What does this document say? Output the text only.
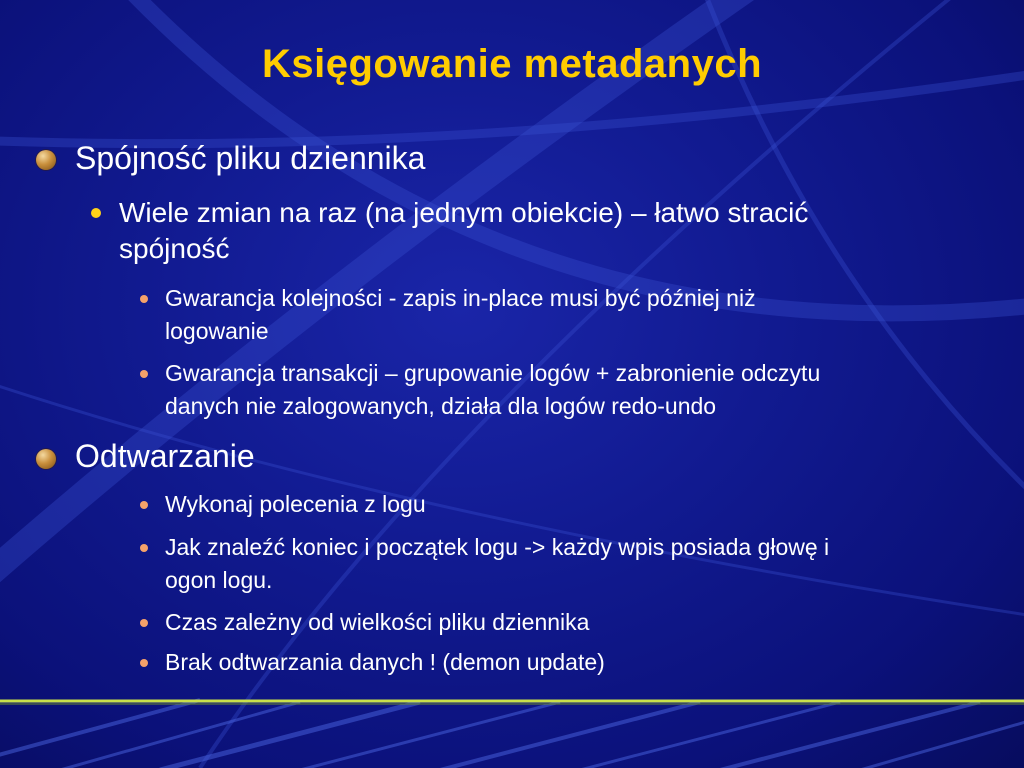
Księgowanie metadanych
Spójność pliku dziennika
Wiele zmian na raz (na jednym obiekcie) – łatwo stracić
spójność
Gwarancja kolejności - zapis in-place musi być później niż
logowanie
Gwarancja transakcji – grupowanie logów + zabronienie odczytu
danych nie zalogowanych, działa dla logów redo-undo
Odtwarzanie
Wykonaj polecenia z logu
Jak znaleźć koniec i początek logu -> każdy wpis posiada głowę i
ogon logu.
Czas zależny od wielkości pliku dziennika
Brak odtwarzania danych ! (demon update)
